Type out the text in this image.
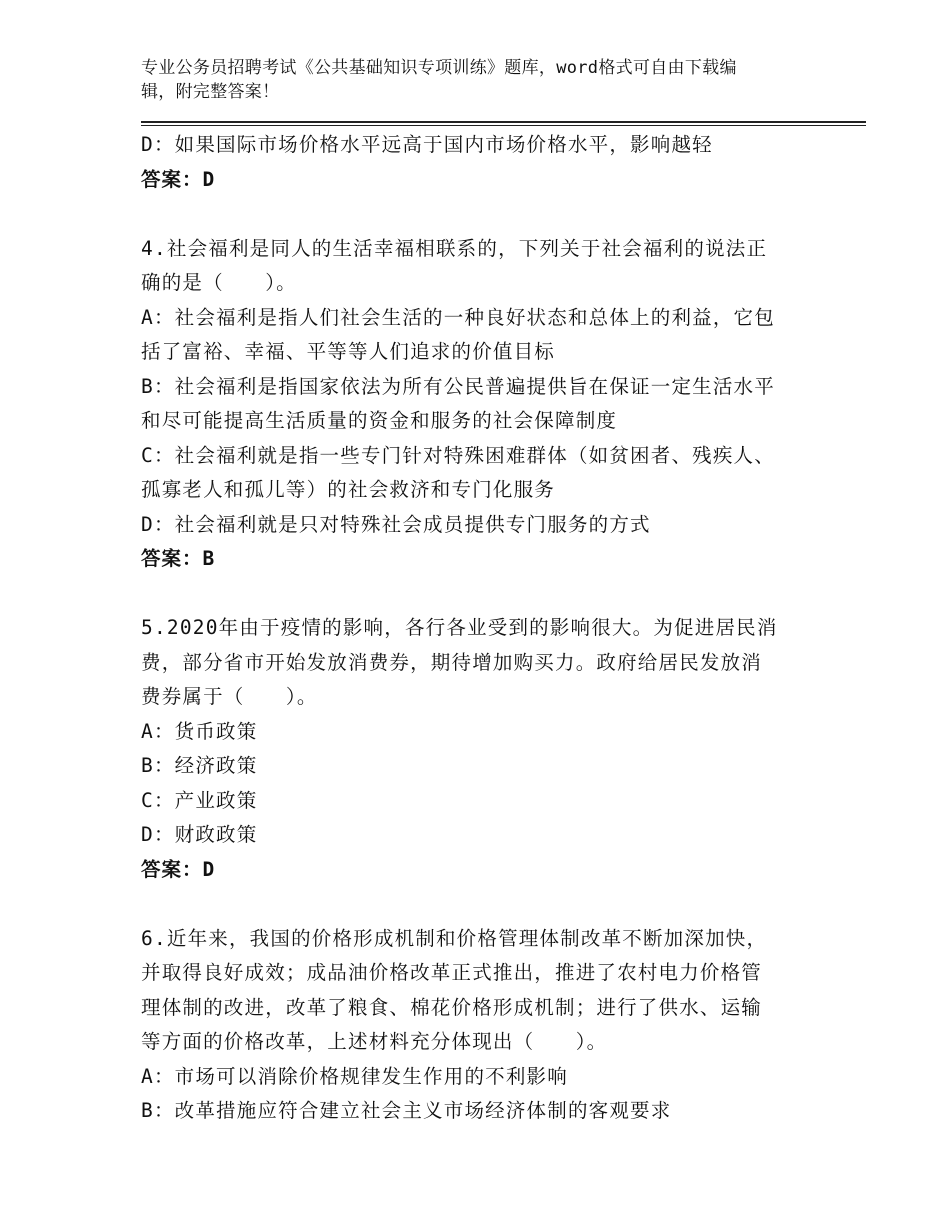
专业公务员招聘考试《公共基础知识专项训练》题库，word格式可自由下载编
辑，附完整答案！
D：如果国际市场价格水平远高于国内市场价格水平，影响越轻
答案：D
4.社会福利是同人的生活幸福相联系的，下列关于社会福利的说法正
确的是（　　）。
A：社会福利是指人们社会生活的一种良好状态和总体上的利益，它包
括了富裕、幸福、平等等人们追求的价值目标
B：社会福利是指国家依法为所有公民普遍提供旨在保证一定生活水平
和尽可能提高生活质量的资金和服务的社会保障制度
C：社会福利就是指一些专门针对特殊困难群体（如贫困者、残疾人、
孤寡老人和孤儿等）的社会救济和专门化服务
D：社会福利就是只对特殊社会成员提供专门服务的方式
答案：B
5.2020年由于疫情的影响，各行各业受到的影响很大。为促进居民消
费，部分省市开始发放消费券，期待增加购买力。政府给居民发放消
费券属于（　　）。
A：货币政策
B：经济政策
C：产业政策
D：财政政策
答案：D
6.近年来，我国的价格形成机制和价格管理体制改革不断加深加快，
并取得良好成效；成品油价格改革正式推出，推进了农村电力价格管
理体制的改进，改革了粮食、棉花价格形成机制；进行了供水、运输
等方面的价格改革，上述材料充分体现出（　　）。
A：市场可以消除价格规律发生作用的不利影响
B：改革措施应符合建立社会主义市场经济体制的客观要求
